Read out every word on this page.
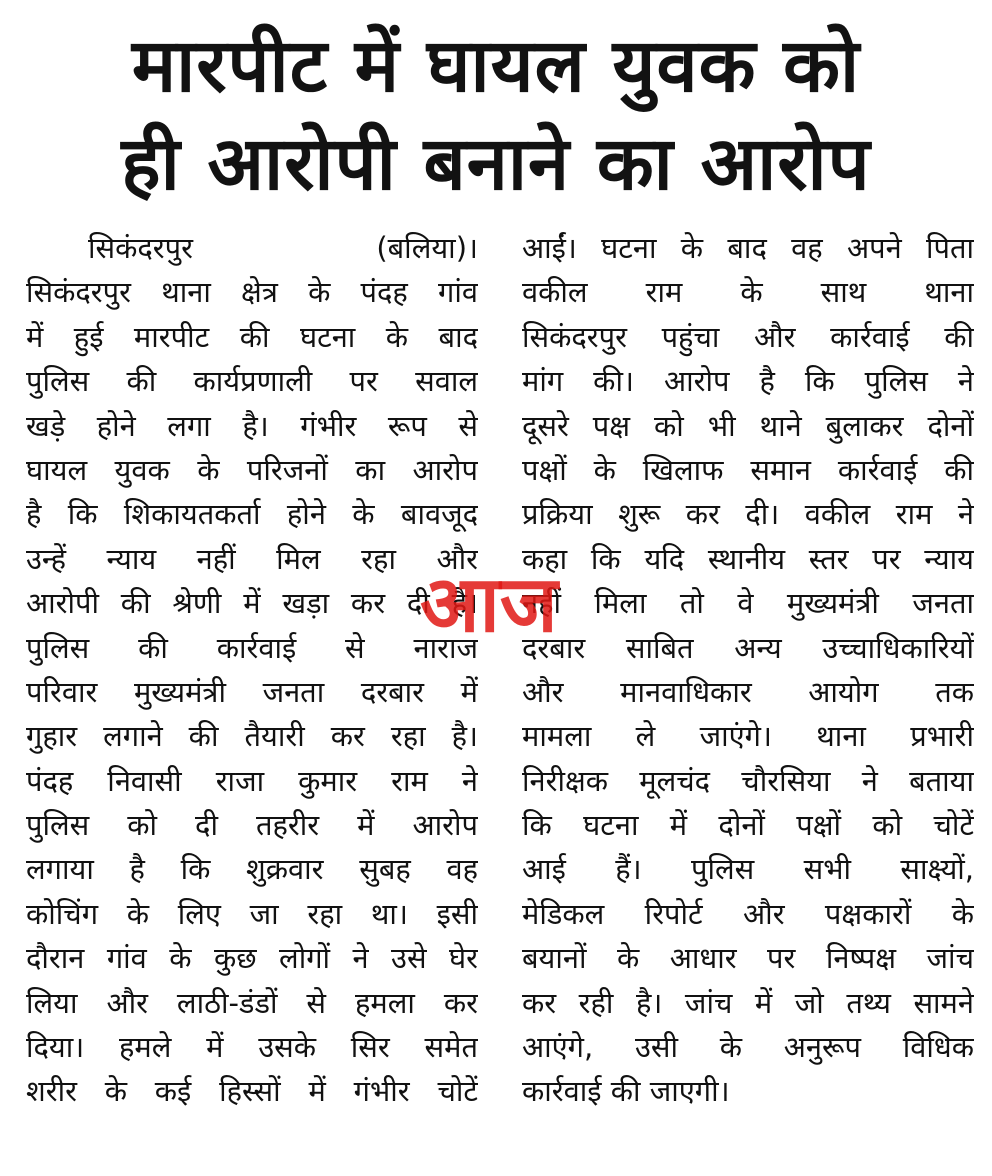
मारपीट में घायल युवक को
ही आरोपी बनाने का आरोप
सिकंदरपुर	(बलिया)।
सिकंदरपुर थाना क्षेत्र के पंदह गांव
में हुई मारपीट की घटना के बाद
पुलिस की कार्यप्रणाली पर सवाल
खड़े होने लगा है। गंभीर रूप से
घायल युवक के परिजनों का आरोप
है कि शिकायतकर्ता होने के बावजूद
उन्हें न्याय नहीं मिल रहा और
आरोपी की श्रेणी में खड़ा कर दी है।
पुलिस की कार्रवाई से नाराज
परिवार मुख्यमंत्री जनता दरबार में
गुहार लगाने की तैयारी कर रहा है।
पंदह निवासी राजा कुमार राम ने
पुलिस को दी तहरीर में आरोप
लगाया है कि शुक्रवार सुबह वह
कोचिंग के लिए जा रहा था। इसी
दौरान गांव के कुछ लोगों ने उसे घेर
लिया और लाठी-डंडों से हमला कर
दिया। हमले में उसके सिर समेत
शरीर के कई हिस्सों में गंभीर चोटें
आईं। घटना के बाद वह अपने पिता
वकील राम के साथ थाना
सिकंदरपुर पहुंचा और कार्रवाई की
मांग की। आरोप है कि पुलिस ने
दूसरे पक्ष को भी थाने बुलाकर दोनों
पक्षों के खिलाफ समान कार्रवाई की
प्रक्रिया शुरू कर दी। वकील राम ने
कहा कि यदि स्थानीय स्तर पर न्याय
नहीं मिला तो वे मुख्यमंत्री जनता
दरबार साबित अन्य उच्चाधिकारियों
और मानवाधिकार आयोग तक
मामला ले जाएंगे। थाना प्रभारी
निरीक्षक मूलचंद चौरसिया ने बताया
कि घटना में दोनों पक्षों को चोटें
आई हैं। पुलिस सभी साक्ष्यों,
मेडिकल रिपोर्ट और पक्षकारों के
बयानों के आधार पर निष्पक्ष जांच
कर रही है। जांच में जो तथ्य सामने
आएंगे, उसी के अनुरूप विधिक
कार्रवाई की जाएगी।
आज
